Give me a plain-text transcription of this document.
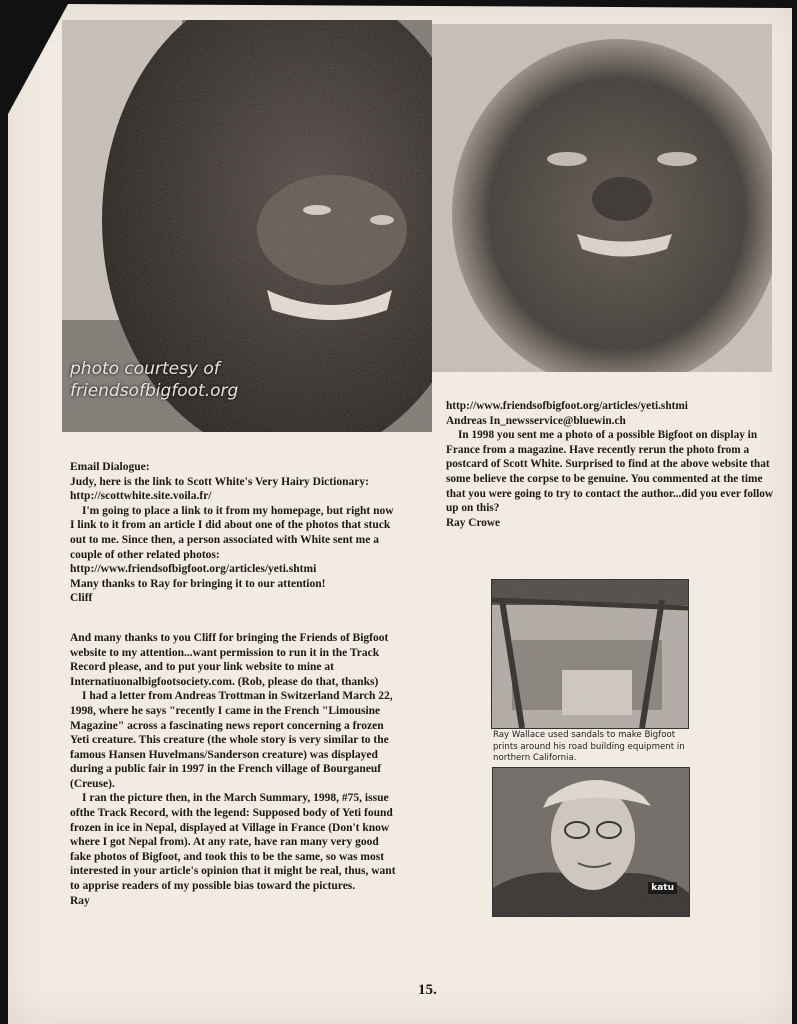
photo courtesy of
friendsofbigfoot.org

Email Dialogue:

Judy, here is the link to Scott White's Very Hairy Dictionary: http://scottwhite.site.voila.fr/

I'm going to place a link to it from my homepage, but right now I link to it from an article I did about one of the photos that stuck out to me. Since then, a person associated with White sent me a couple of other related photos:

http://www.friendsofbigfoot.org/articles/yeti.shtmi

Many thanks to Ray for bringing it to our attention!

Cliff

And many thanks to you Cliff for bringing the Friends of Bigfoot website to my attention...want permission to run it in the Track Record please, and to put your link website to mine at Internatiuonalbigfootsociety.com. (Rob, please do that, thanks)

I had a letter from Andreas Trottman in Switzerland March 22, 1998, where he says "recently I came in the French "Limousine Magazine" across a fascinating news report concerning a frozen Yeti creature. This creature (the whole story is very similar to the famous Hansen Huvelmans/Sanderson creature) was displayed during a public fair in 1997 in the French village of Bourganeuf (Creuse).

I ran the picture then, in the March Summary, 1998, #75, issue ofthe Track Record, with the legend: Supposed body of Yeti found frozen in ice in Nepal, displayed at Village in France (Don't know where I got Nepal from). At any rate, have ran many very good fake photos of Bigfoot, and took this to be the same, so was most interested in your article's opinion that it might be real, thus, want to apprise readers of my possible bias toward the pictures.

Ray

http://www.friendsofbigfoot.org/articles/yeti.shtmi

Andreas In_newsservice@bluewin.ch

In 1998 you sent me a photo of a possible Bigfoot on display in France from a magazine. Have recently rerun the photo from a postcard of Scott White. Surprised to find at the above website that some believe the corpse to be genuine. You commented at the time that you were going to try to contact the author...did you ever follow up on this?

Ray Crowe

Ray Wallace used sandals to make Bigfoot prints around his road building equipment in northern California.
katu
15.
